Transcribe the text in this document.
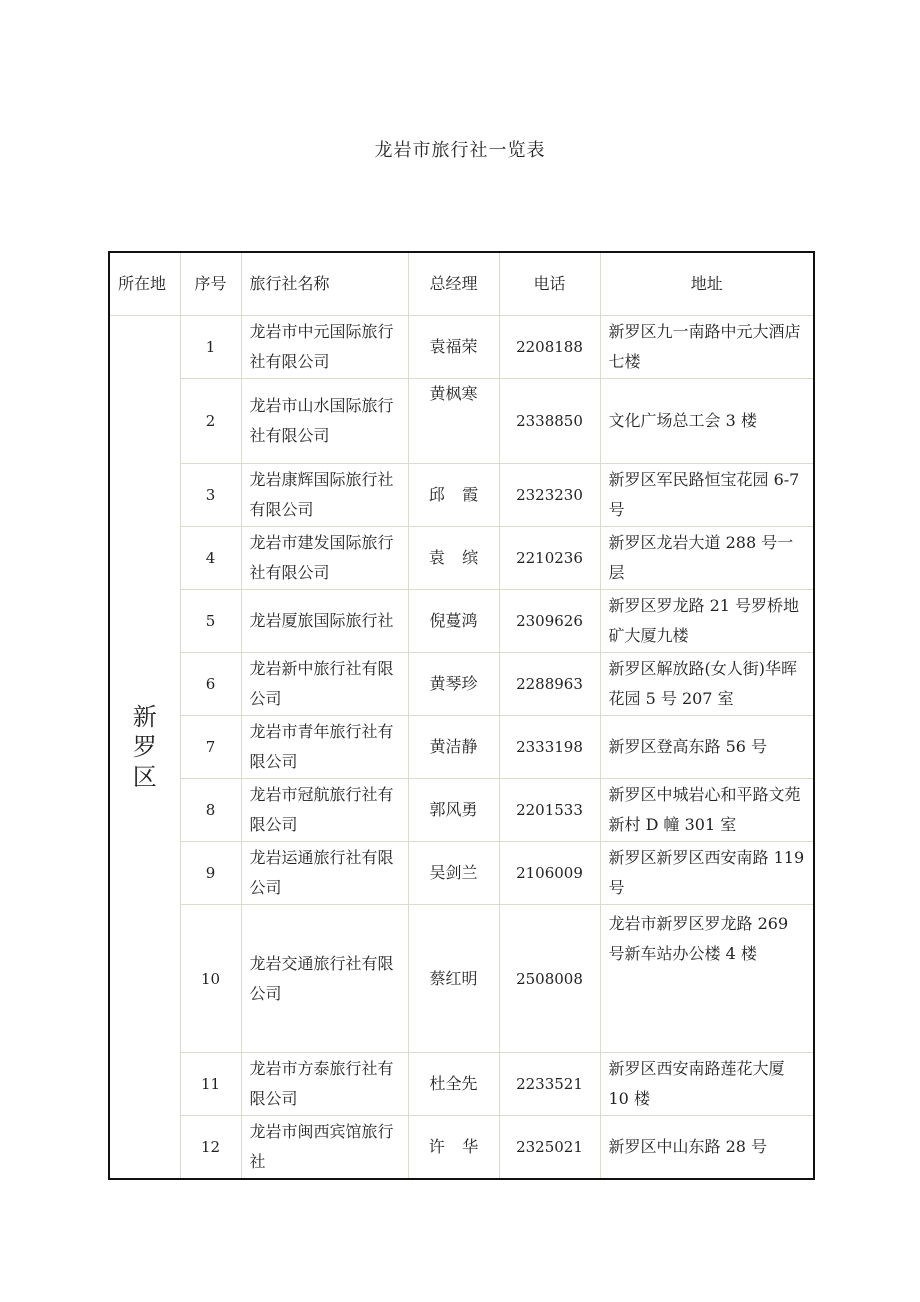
龙岩市旅行社一览表
所在地	序号	旅行社名称	总经理	电话	地址

新
罗
区	1	龙岩市中元国际旅行社有限公司	袁福荣	2208188	新罗区九一南路中元大酒店七楼
	2	龙岩市山水国际旅行社有限公司	黄枫寒	2338850	文化广场总工会 3 楼
	3	龙岩康辉国际旅行社有限公司	邱霞	2323230	新罗区军民路恒宝花园 6-7 号
	4	龙岩市建发国际旅行社有限公司	袁缤	2210236	新罗区龙岩大道 288 号一层
	5	龙岩厦旅国际旅行社	倪蔓鸿	2309626	新罗区罗龙路 21 号罗桥地矿大厦九楼
	6	龙岩新中旅行社有限公司	黄琴珍	2288963	新罗区解放路(女人街)华晖花园 5 号 207 室
	7	龙岩市青年旅行社有限公司	黄洁静	2333198	新罗区登高东路 56 号
	8	龙岩市冠航旅行社有限公司	郭风勇	2201533	新罗区中城岩心和平路文苑新村 D 幢 301 室
	9	龙岩运通旅行社有限公司	吴剑兰	2106009	新罗区新罗区西安南路 119 号
	10	龙岩交通旅行社有限公司	蔡红明	2508008	龙岩市新罗区罗龙路 269 号新车站办公楼 4 楼
	11	龙岩市方泰旅行社有限公司	杜全先	2233521	新罗区西安南路莲花大厦 10 楼
	12	龙岩市闽西宾馆旅行社	许华	2325021	新罗区中山东路 28 号
